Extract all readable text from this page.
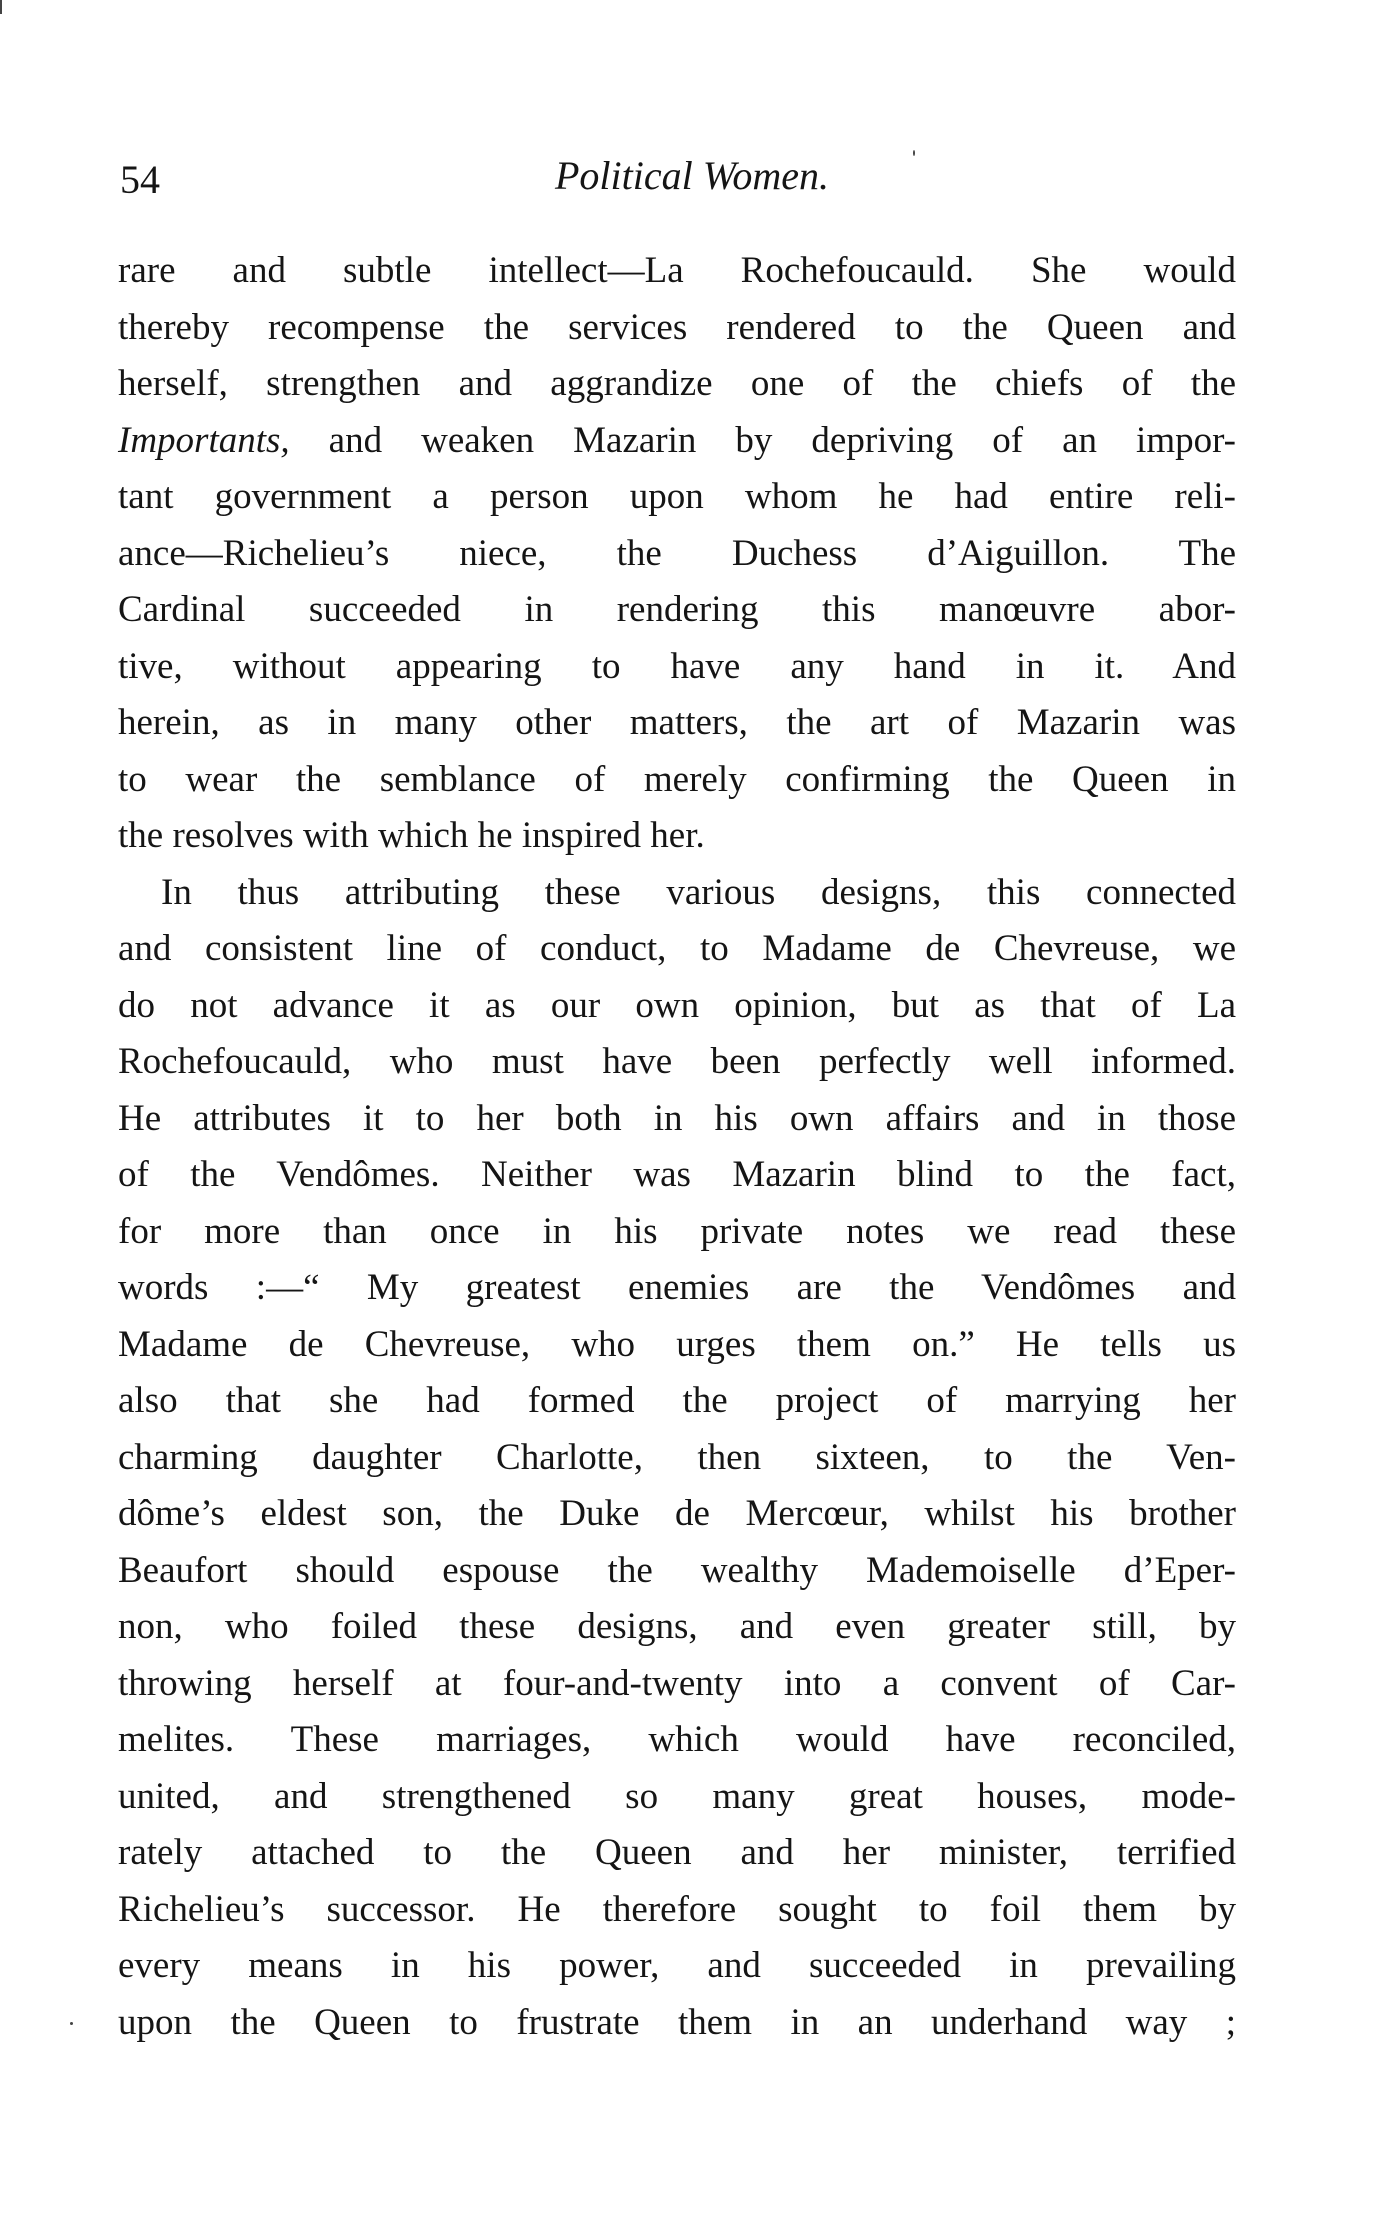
54	Political Women.
rare and subtle intellect—La Rochefoucauld. She would
thereby recompense the services rendered to the Queen and
herself, strengthen and aggrandize one of the chiefs of the
Importants, and weaken Mazarin by depriving of an impor-
tant government a person upon whom he had entire reli-
ance—Richelieu’s niece, the Duchess d’Aiguillon. The
Cardinal succeeded in rendering this manœuvre abor-
tive, without appearing to have any hand in it. And
herein, as in many other matters, the art of Mazarin was
to wear the semblance of merely confirming the Queen in
the resolves with which he inspired her.
In thus attributing these various designs, this connected
and consistent line of conduct, to Madame de Chevreuse, we
do not advance it as our own opinion, but as that of La
Rochefoucauld, who must have been perfectly well informed.
He attributes it to her both in his own affairs and in those
of the Vendômes. Neither was Mazarin blind to the fact,
for more than once in his private notes we read these
words :—“ My greatest enemies are the Vendômes and
Madame de Chevreuse, who urges them on.” He tells us
also that she had formed the project of marrying her
charming daughter Charlotte, then sixteen, to the Ven-
dôme’s eldest son, the Duke de Mercœur, whilst his brother
Beaufort should espouse the wealthy Mademoiselle d’Eper-
non, who foiled these designs, and even greater still, by
throwing herself at four-and-twenty into a convent of Car-
melites. These marriages, which would have reconciled,
united, and strengthened so many great houses, mode-
rately attached to the Queen and her minister, terrified
Richelieu’s successor. He therefore sought to foil them by
every means in his power, and succeeded in prevailing
upon the Queen to frustrate them in an underhand way ;
